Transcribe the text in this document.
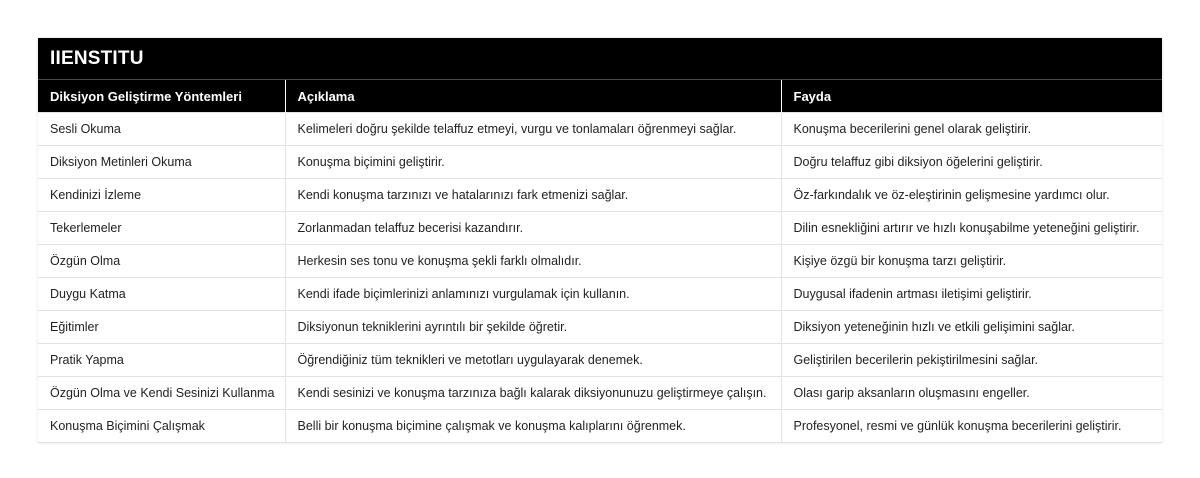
IIENSTITU
Diksiyon Geliştirme Yöntemleri	Açıklama	Fayda
Sesli Okuma	Kelimeleri doğru şekilde telaffuz etmeyi, vurgu ve tonlamaları öğrenmeyi sağlar.	Konuşma becerilerini genel olarak geliştirir.
Diksiyon Metinleri Okuma	Konuşma biçimini geliştirir.	Doğru telaffuz gibi diksiyon öğelerini geliştirir.
Kendinizi İzleme	Kendi konuşma tarzınızı ve hatalarınızı fark etmenizi sağlar.	Öz-farkındalık ve öz-eleştirinin gelişmesine yardımcı olur.
Tekerlemeler	Zorlanmadan telaffuz becerisi kazandırır.	Dilin esnekliğini artırır ve hızlı konuşabilme yeteneğini geliştirir.
Özgün Olma	Herkesin ses tonu ve konuşma şekli farklı olmalıdır.	Kişiye özgü bir konuşma tarzı geliştirir.
Duygu Katma	Kendi ifade biçimlerinizi anlamınızı vurgulamak için kullanın.	Duygusal ifadenin artması iletişimi geliştirir.
Eğitimler	Diksiyonun tekniklerini ayrıntılı bir şekilde öğretir.	Diksiyon yeteneğinin hızlı ve etkili gelişimini sağlar.
Pratik Yapma	Öğrendiğiniz tüm teknikleri ve metotları uygulayarak denemek.	Geliştirilen becerilerin pekiştirilmesini sağlar.
Özgün Olma ve Kendi Sesinizi Kullanma	Kendi sesinizi ve konuşma tarzınıza bağlı kalarak diksiyonunuzu geliştirmeye çalışın.	Olası garip aksanların oluşmasını engeller.
Konuşma Biçimini Çalışmak	Belli bir konuşma biçimine çalışmak ve konuşma kalıplarını öğrenmek.	Profesyonel, resmi ve günlük konuşma becerilerini geliştirir.
